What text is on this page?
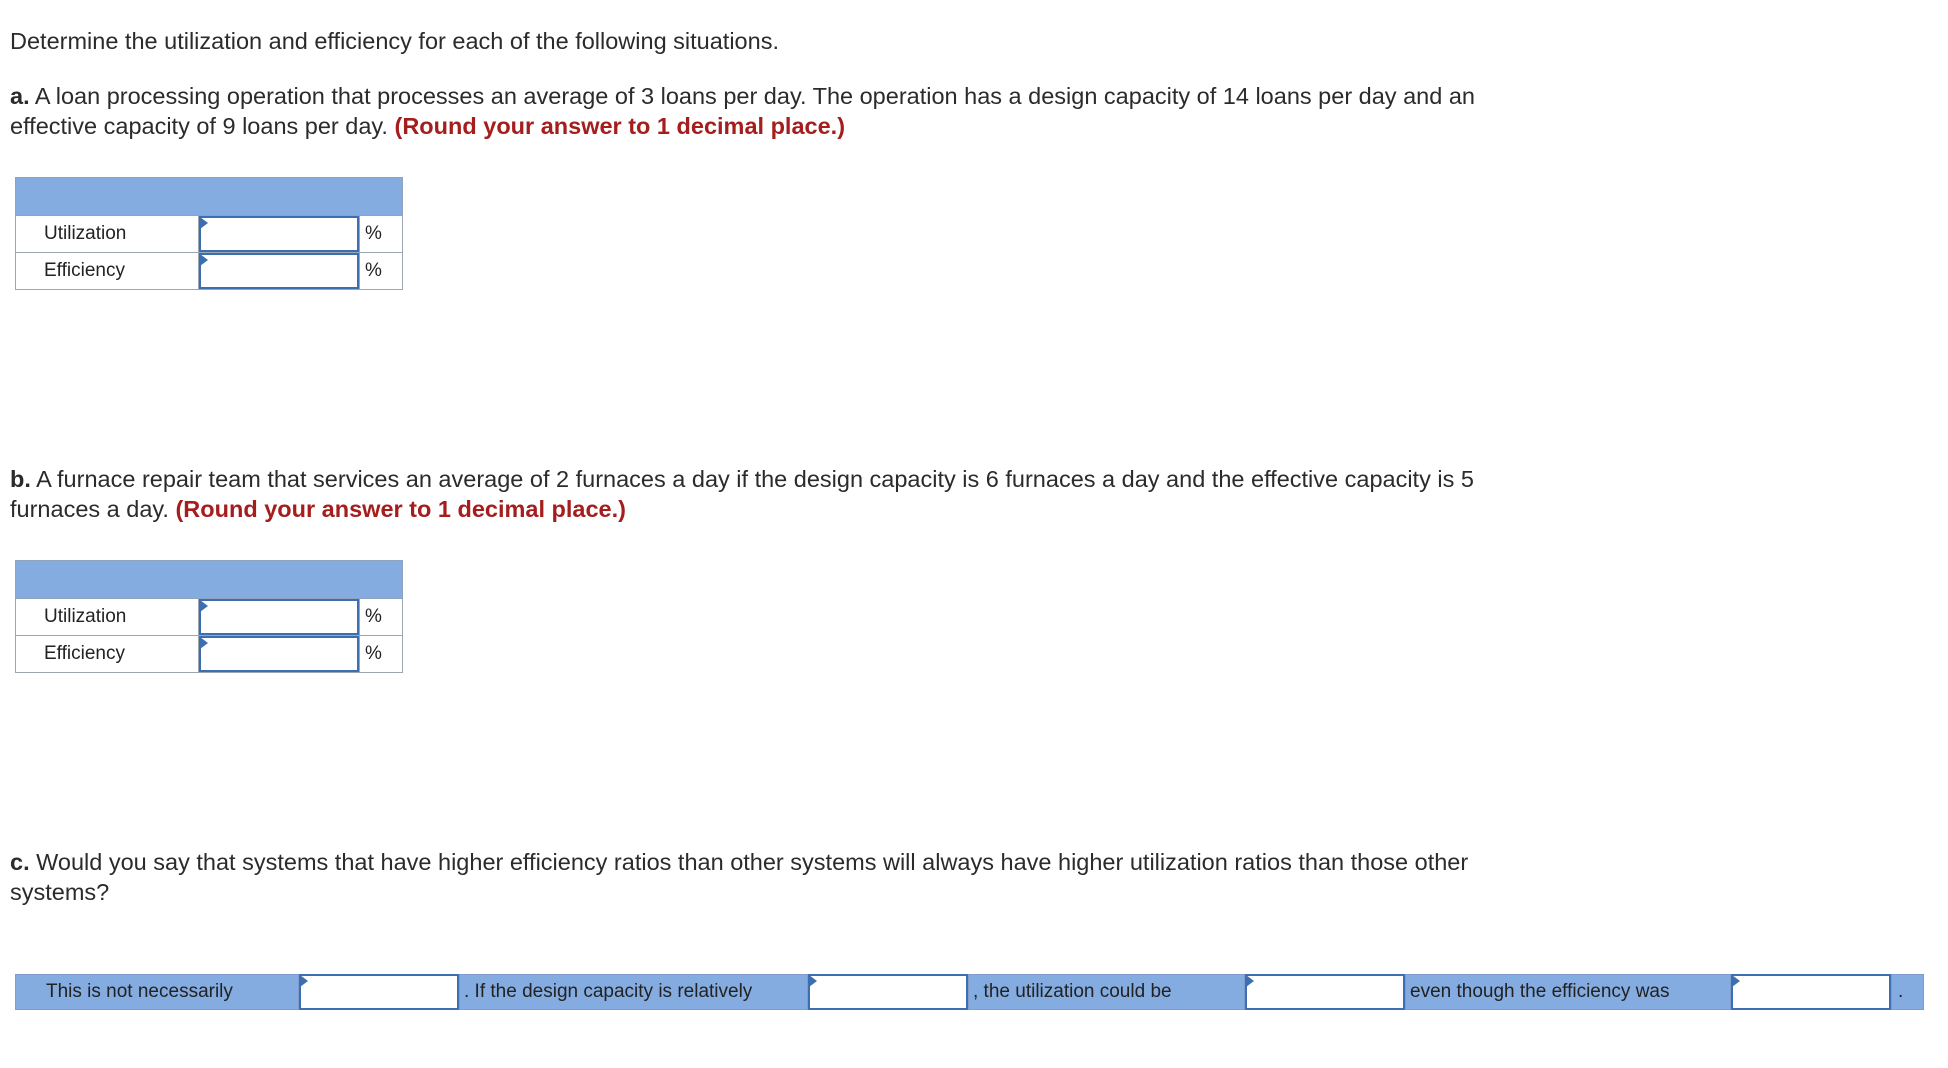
Determine the utilization and efficiency for each of the following situations.
a. A loan processing operation that processes an average of 3 loans per day. The operation has a design capacity of 14 loans per day and an effective capacity of 9 loans per day. (Round your answer to 1 decimal place.)

Utilization		%
Efficiency		%
b. A furnace repair team that services an average of 2 furnaces a day if the design capacity is 6 furnaces a day and the effective capacity is 5 furnaces a day. (Round your answer to 1 decimal place.)

Utilization		%
Efficiency		%
c. Would you say that systems that have higher efficiency ratios than other systems will always have higher utilization ratios than those other systems?
This is not necessarily	. If the design capacity is relatively	, the utilization could be	even though the efficiency was	.
